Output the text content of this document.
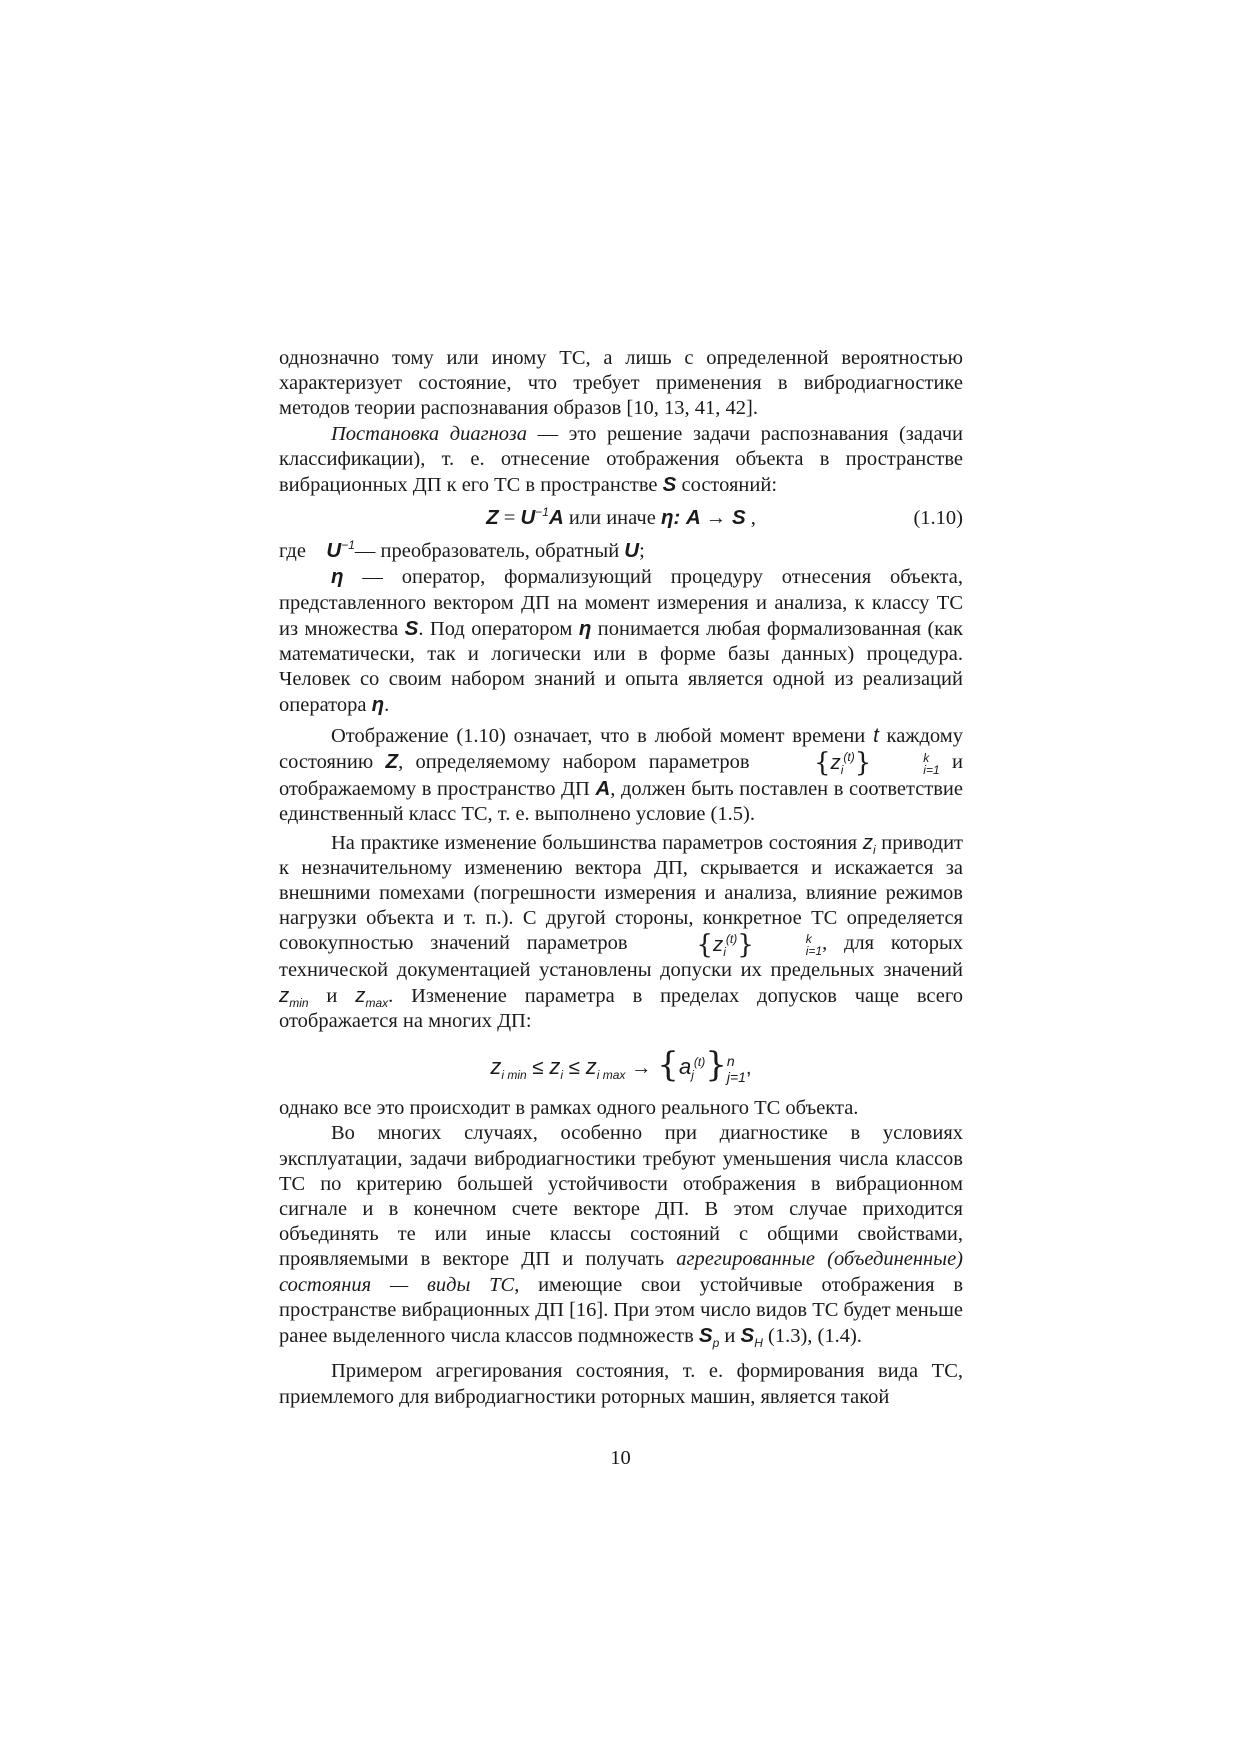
однозначно тому или иному ТС, а лишь с определенной вероятностью характеризует состояние, что требует применения в вибродиагностике методов теории распознавания образов [10, 13, 41, 42].

Постановка диагноза — это решение задачи распознавания (задачи классификации), т. е. отнесение отображения объекта в пространстве вибрационных ДП к его ТС в пространстве S состояний:

$Z = U^{-1}A$ или иначе η: A → S ,	(1.10)

где $U^{-1}—$ преобразователь, обратный U;

η — оператор, формализующий процедуру отнесения объекта, представленного вектором ДП на момент измерения и анализа, к классу ТС из множества S. Под оператором η понимается любая формализованная (как математически, так и логически или в форме базы данных) процедура. Человек со своим набором знаний и опыта является одной из реализаций оператора η.

Отображение (1.10) означает, что в любой момент времени t каждому состоянию Z, определяемому набором параметров $\{z_i^{(t)}\}$	k
i=1 и отображаемому в пространство ДП A, должен быть поставлен в соответствие единственный класс ТС, т. е. выполнено условие (1.5).

На практике изменение большинства параметров состояния $z_i$ приводит к незначительному изменению вектора ДП, скрывается и искажается за внешними помехами (погрешности измерения и анализа, влияние режимов нагрузки объекта и т. п.). С другой стороны, конкретное ТС определяется совокупностью значений параметров $\{z_i^{(t)}\}$	k
i=1 , для которых технической документацией установлены допуски их предельных значений $z_{min}$ и $z_{max}$. Изменение параметра в пределах допусков чаще всего отображается на многих ДП:

$z_{i min} \le z_i \le z_{i max} \to \{a_j^{(t)}\}$ n
j=1 ,

однако все это происходит в рамках одного реального ТС объекта.

Во многих случаях, особенно при диагностике в условиях эксплуатации, задачи вибродиагностики требуют уменьшения числа классов ТС по критерию большей устойчивости отображения в вибрационном сигнале и в конечном счете векторе ДП. В этом случае приходится объединять те или иные классы состояний с общими свойствами, проявляемыми в векторе ДП и получать агрегированные (объединенные) состояния — виды ТС, имеющие свои устойчивые отображения в пространстве вибрационных ДП [16]. При этом число видов ТС будет меньше ранее выделенного числа классов подмножеств $S_p$ и $S_H$ (1.3), (1.4).

Примером агрегирования состояния, т. е. формирования вида ТС, приемлемого для вибродиагностики роторных машин, является такой

10
